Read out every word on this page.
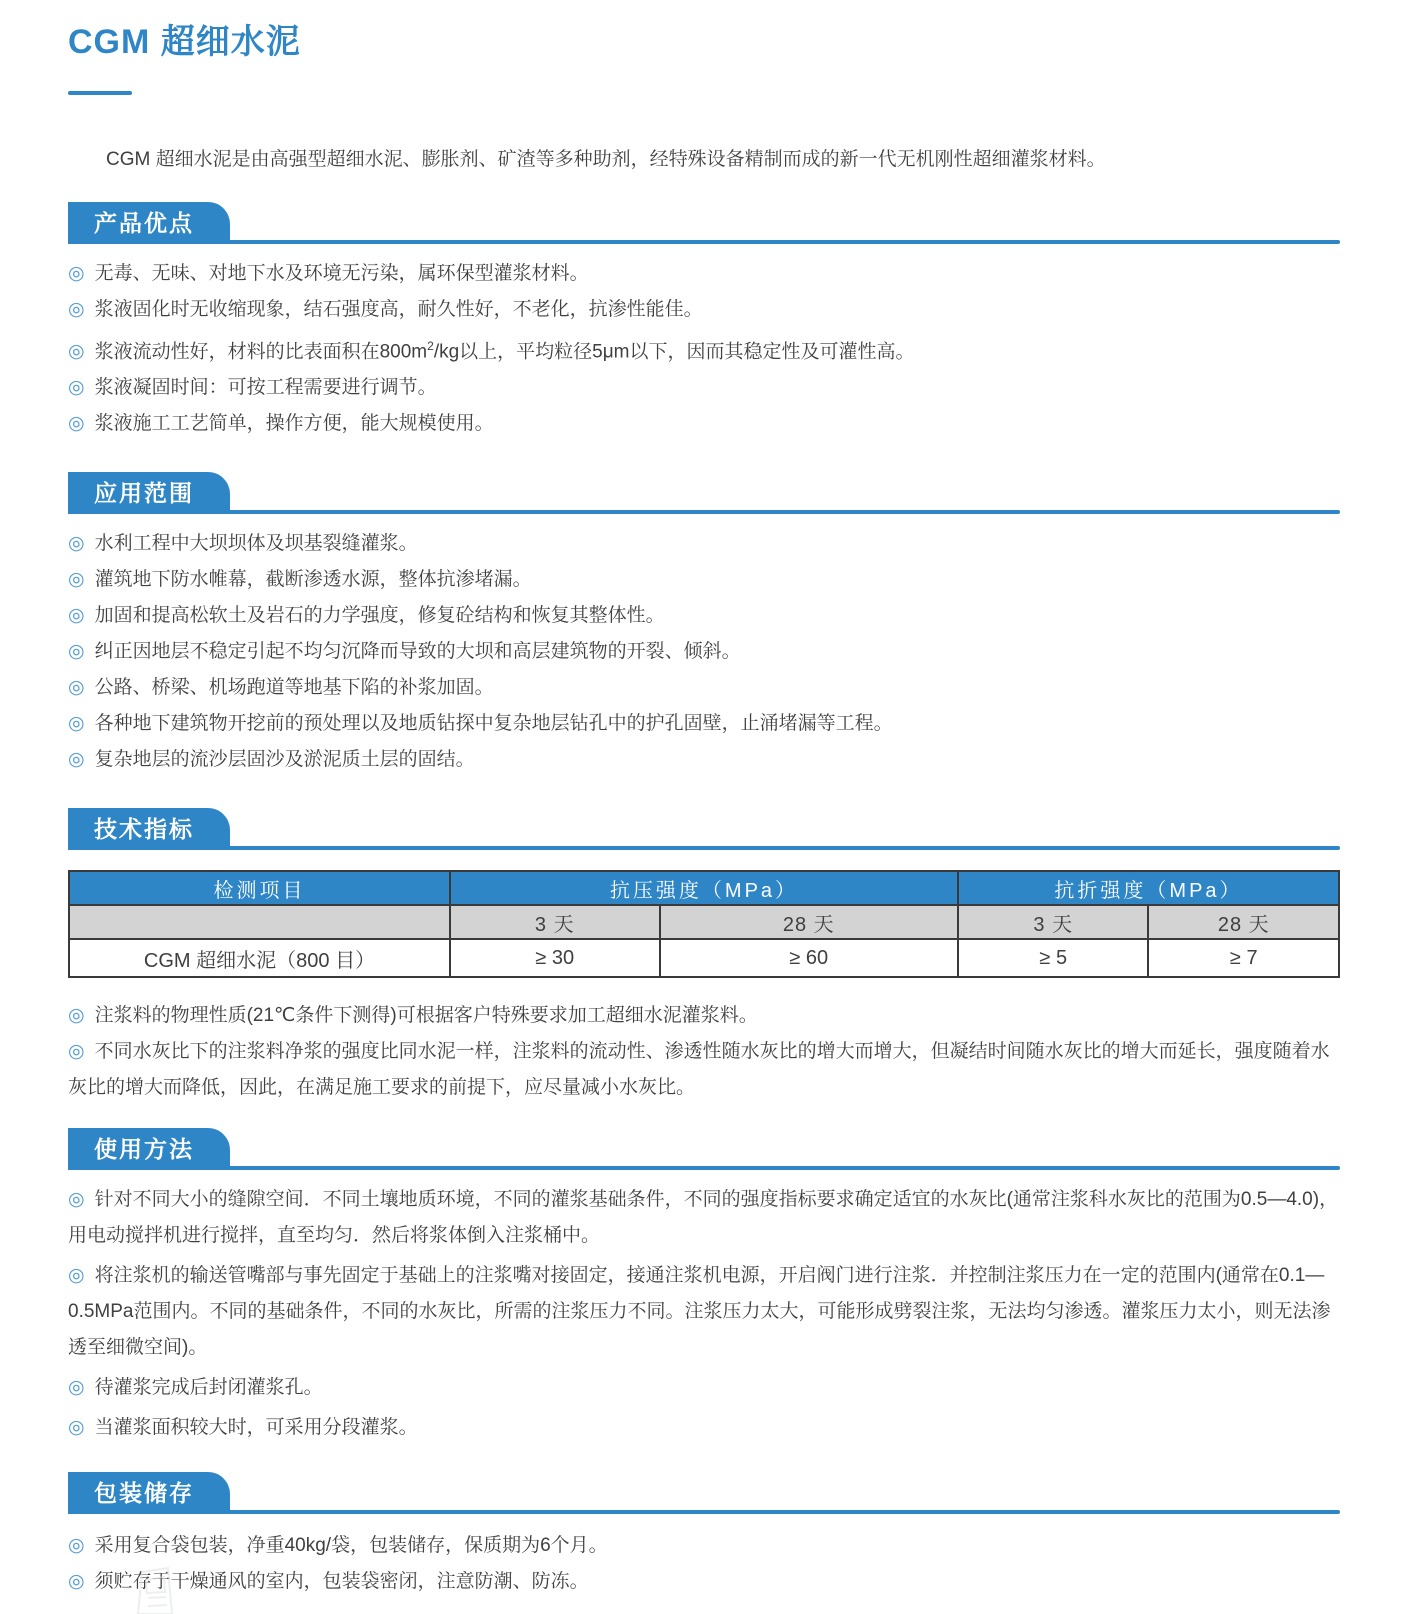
CGM 超细水泥

CGM 超细水泥是由高强型超细水泥、膨胀剂、矿渣等多种助剂，经特殊设备精制而成的新一代无机刚性超细灌浆材料。

产品优点
◎ 无毒、无味、对地下水及环境无污染，属环保型灌浆材料。
◎ 浆液固化时无收缩现象，结石强度高，耐久性好，不老化，抗渗性能佳。
◎ 浆液流动性好，材料的比表面积在$800m^2/kg$以上，平均粒径5μm以下，因而其稳定性及可灌性高。
◎ 浆液凝固时间：可按工程需要进行调节。
◎ 浆液施工工艺简单，操作方便，能大规模使用。
应用范围
◎ 水利工程中大坝坝体及坝基裂缝灌浆。
◎ 灌筑地下防水帷幕，截断渗透水源，整体抗渗堵漏。
◎ 加固和提高松软土及岩石的力学强度，修复砼结构和恢复其整体性。
◎ 纠正因地层不稳定引起不均匀沉降而导致的大坝和高层建筑物的开裂、倾斜。
◎ 公路、桥梁、机场跑道等地基下陷的补浆加固。
◎ 各种地下建筑物开挖前的预处理以及地质钻探中复杂地层钻孔中的护孔固壁，止涌堵漏等工程。
◎ 复杂地层的流沙层固沙及淤泥质土层的固结。
技术指标
检测项目	抗压强度（MPa）		抗折强度（MPa）	
	3 天	28 天	3 天	28 天
CGM 超细水泥（800 目）	≥ 30	≥ 60	≥ 5	≥ 7
◎ 注浆料的物理性质(21℃条件下测得)可根据客户特殊要求加工超细水泥灌浆料。
◎ 不同水灰比下的注浆料净浆的强度比同水泥一样，注浆料的流动性、渗透性随水灰比的增大而增大，但凝结时间随水灰比的增大而延长，强度随着水灰比的增大而降低，因此，在满足施工要求的前提下，应尽量减小水灰比。
使用方法
◎ 针对不同大小的缝隙空间．不同土壤地质环境，不同的灌浆基础条件，不同的强度指标要求确定适宜的水灰比(通常注浆科水灰比的范围为0.5—4.0)，用电动搅拌机进行搅拌，直至均匀．然后将浆体倒入注浆桶中。
◎ 将注浆机的输送管嘴部与事先固定于基础上的注浆嘴对接固定，接通注浆机电源，开启阀门进行注浆．并控制注浆压力在一定的范围内(通常在0.1—0.5MPa范围内。不同的基础条件，不同的水灰比，所需的注浆压力不同。注浆压力太大，可能形成劈裂注浆，无法均匀渗透。灌浆压力太小，则无法渗透至细微空间)。
◎ 待灌浆完成后封闭灌浆孔。
◎ 当灌浆面积较大时，可采用分段灌浆。
包装储存
◎ 采用复合袋包装，净重40kg/袋，包装储存，保质期为6个月。
◎ 须贮存于干燥通风的室内，包装袋密闭，注意防潮、防冻。
